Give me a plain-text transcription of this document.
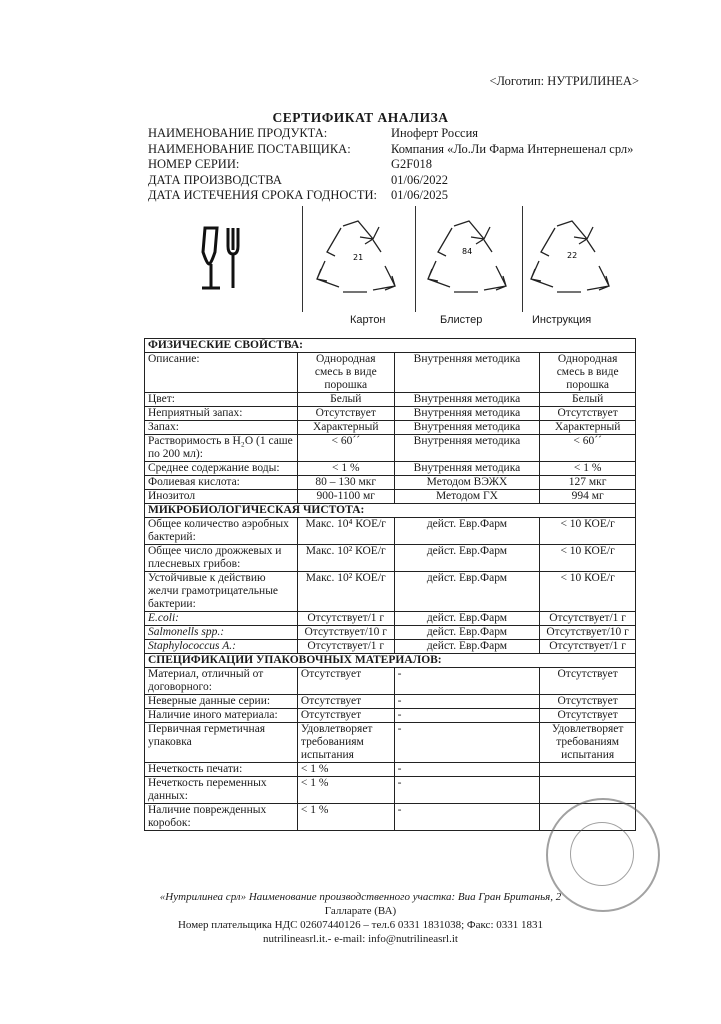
<Логотип: НУТРИЛИНЕА>
СЕРТИФИКАТ АНАЛИЗА
НАИМЕНОВАНИЕ ПРОДУКТА:	Иноферт Россия
НАИМЕНОВАНИЕ ПОСТАВЩИКА:	Компания «Ло.Ли Фарма Интернешенал срл»
НОМЕР СЕРИИ:	G2F018
ДАТА ПРОИЗВОДСТВА	01/06/2022
ДАТА ИСТЕЧЕНИЯ СРОКА ГОДНОСТИ:	01/06/2025
21
84	22
Картон	Блистер	Инструкция
ФИЗИЧЕСКИЕ СВОЙСТВА:			
Описание:	Однородная смесь в виде порошка	Внутренняя методика	Однородная смесь в виде порошка
Цвет:	Белый	Внутренняя методика	Белый
Неприятный запах:	Отсутствует	Внутренняя методика	Отсутствует
Запах:	Характерный	Внутренняя методика	Характерный
Растворимость в H₂O (1 саше по 200 мл):	< 60´´	Внутренняя методика	< 60´´
Среднее содержание воды:	< 1 %	Внутренняя методика	< 1 %
Фолиевая кислота:	80 – 130 мкг	Методом ВЭЖХ	127 мкг
Инозитол	900-1100 мг	Методом ГХ	994 мг
МИКРОБИОЛОГИЧЕСКАЯ ЧИСТОТА:			
Общее количество аэробных бактерий:	Макс. 10⁴ КОЕ/г	дейст. Евр.Фарм	< 10 КОЕ/г
Общее число дрожжевых и плесневых грибов:	Макс. 10² КОЕ/г	дейст. Евр.Фарм	< 10 КОЕ/г
Устойчивые к действию желчи грамотрицательные бактерии:	Макс. 10² КОЕ/г	дейст. Евр.Фарм	< 10 КОЕ/г
E.coli:	Отсутствует/1 г	дейст. Евр.Фарм	Отсутствует/1 г
Salmonells spp.:	Отсутствует/10 г	дейст. Евр.Фарм	Отсутствует/10 г
Staphylococcus A.:	Отсутствует/1 г	дейст. Евр.Фарм	Отсутствует/1 г
СПЕЦИФИКАЦИИ УПАКОВОЧНЫХ МАТЕРИАЛОВ:			
Материал, отличный от договорного:	Отсутствует	-	Отсутствует
Неверные данные серии:	Отсутствует	-	Отсутствует
Наличие иного материала:	Отсутствует	-	Отсутствует
Первичная герметичная упаковка	Удовлетворяет требованиям испытания	-	Удовлетворяет требованиям испытания
Нечеткость печати:	< 1 %	-	
Нечеткость переменных данных:	< 1 %	-	
Наличие поврежденных коробок:	< 1 %	-	
«Нутрилинеа срл» Наименование производственного участка: Виа Гран Британья, 2
Галларате (ВА)
Номер плательщика НДС 02607440126 – тел.6 0331 1831038; Факс: 0331 1831
nutrilineasrl.it.- e-mail: info@nutrilineasrl.it
